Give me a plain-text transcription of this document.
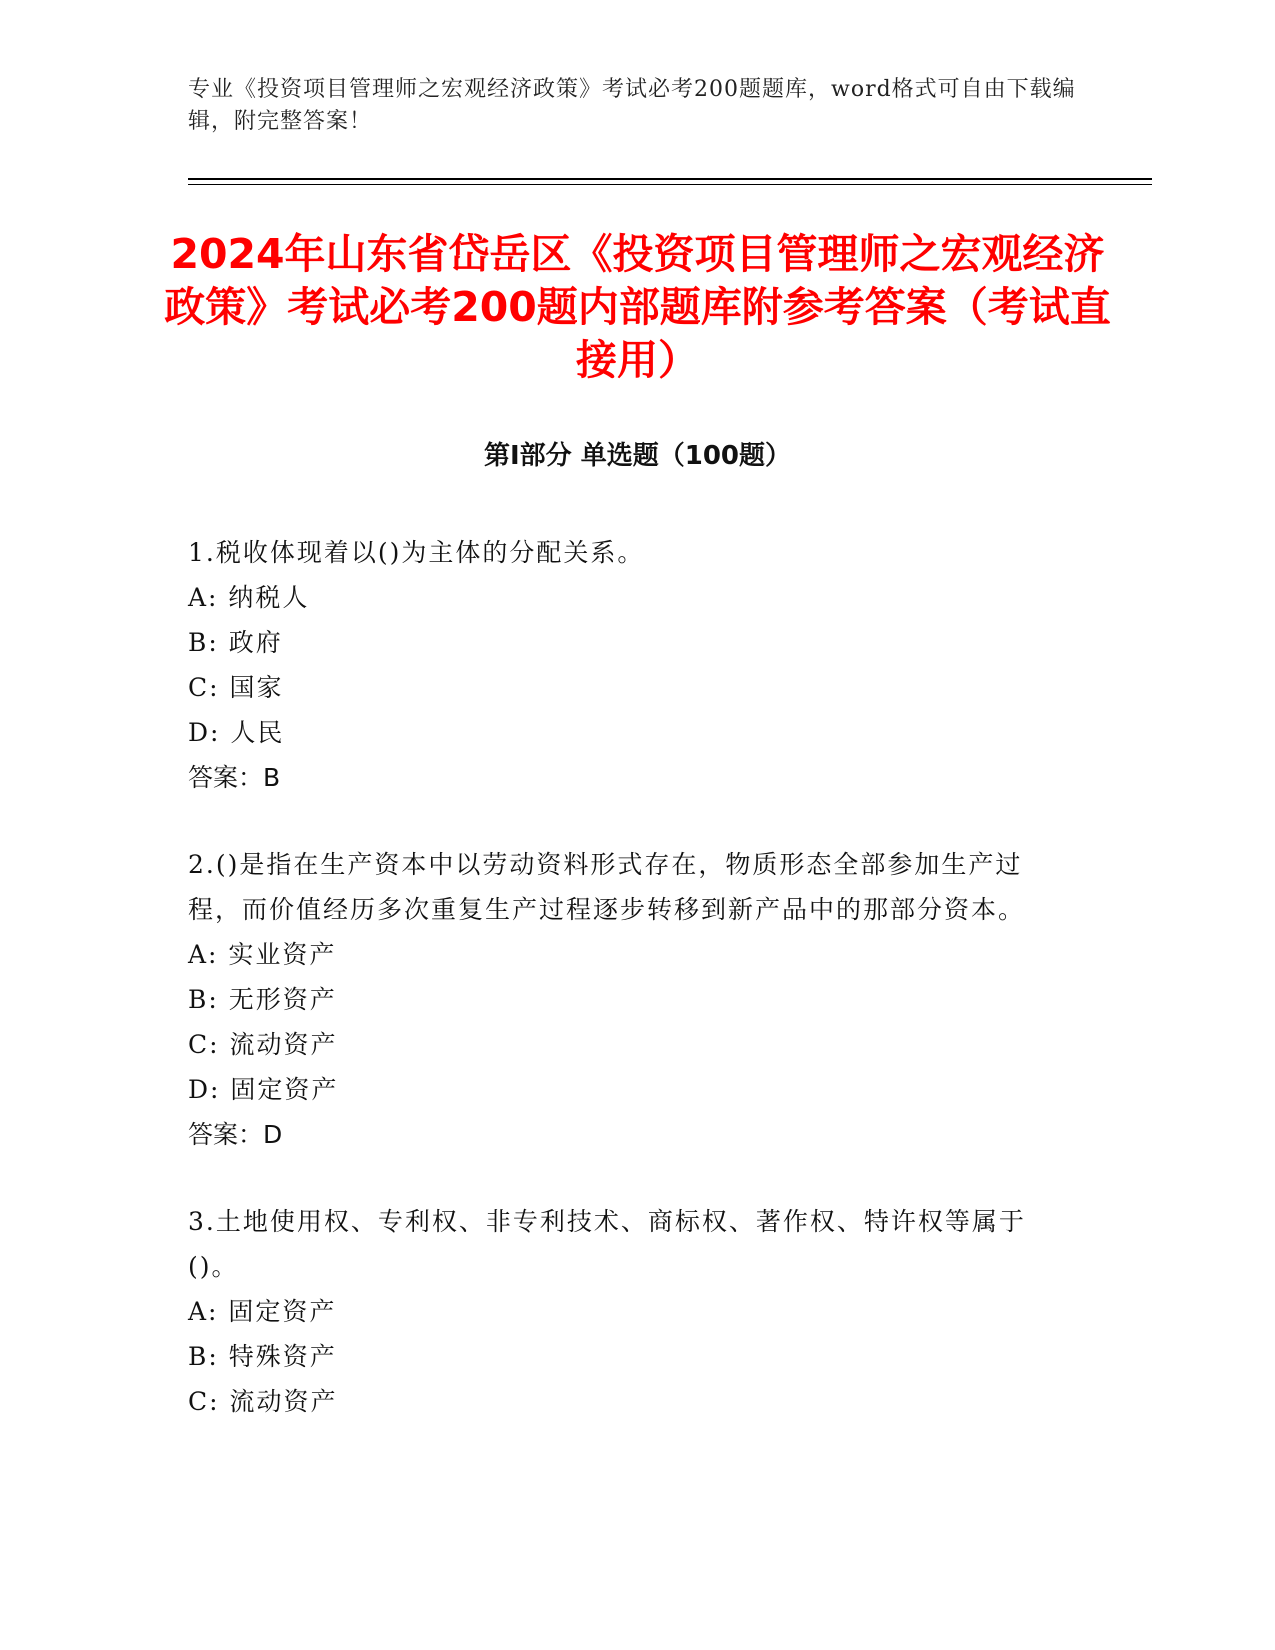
专业《投资项目管理师之宏观经济政策》考试必考200题题库，word格式可自由下载编辑，附完整答案！
2024年山东省岱岳区《投资项目管理师之宏观经济政策》考试必考200题内部题库附参考答案（考试直接用）
第I部分 单选题（100题）

1.税收体现着以()为主体的分配关系。

A: 纳税人

B: 政府

C: 国家

D: 人民

答案：B

2.()是指在生产资本中以劳动资料形式存在，物质形态全部参加生产过程，而价值经历多次重复生产过程逐步转移到新产品中的那部分资本。

A: 实业资产

B: 无形资产

C: 流动资产

D: 固定资产

答案：D

3.土地使用权、专利权、非专利技术、商标权、著作权、特许权等属于()。

A: 固定资产

B: 特殊资产

C: 流动资产
